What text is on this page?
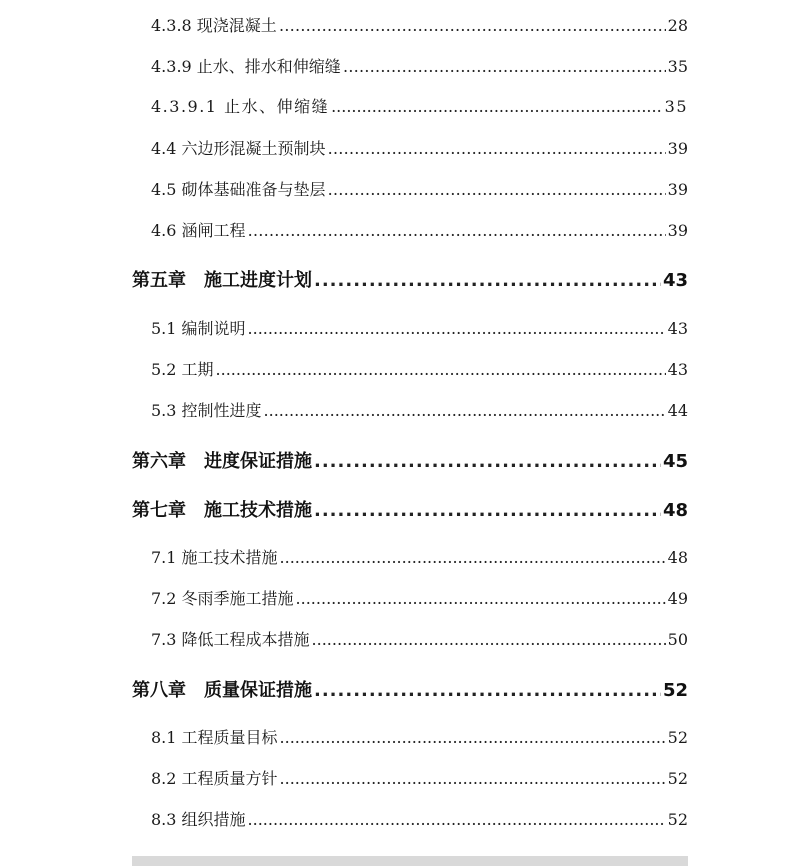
4.3.8 现浇混凝土 ……………………………………………………………………………………………………………………………………………………………	28
4.3.9 止水、排水和伸缩缝 ……………………………………………………………………………………………………………………………………………………………	35
4.3.9.1 止水、伸缩缝 .....	35
4.4 六边形混凝土预制块 ……………………………………………………………………………………………………………………………………………………………	39
4.5 砌体基础准备与垫层 ……………………………………………………………………………………………………………………………………………………………	39
4.6 涵闸工程 ……………………………………………………………………………………………………………………………………………………………	39
第五章　施工进度计划 .....	43
5.1 编制说明 .....	43
5.2 工期 .....	43
5.3 控制性进度 .....	44
第六章　进度保证措施 .....	45
第七章　施工技术措施 .....	48
7.1 施工技术措施 .....	48
7.2 冬雨季施工措施 .....	49
7.3 降低工程成本措施 .....	50
第八章　质量保证措施 .....	52
8.1 工程质量目标 .....	52
8.2 工程质量方针 .....	52
8.3 组织措施 .....	52
